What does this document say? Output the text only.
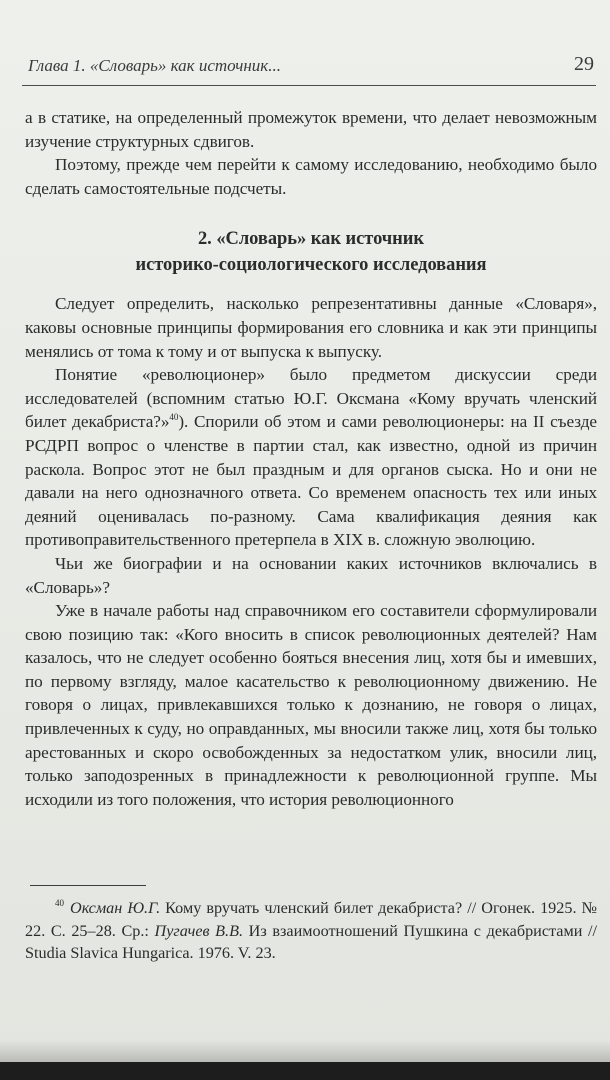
Глава 1. «Словарь» как источник...	29

а в статике, на определенный промежуток времени, что делает невозможным изучение структурных сдвигов.

Поэтому, прежде чем перейти к самому исследованию, необходимо было сделать самостоятельные подсчеты.

2. «Словарь» как источник
историко-социологического исследования

Следует определить, насколько репрезентативны данные «Словаря», каковы основные принципы формирования его словника и как эти принципы менялись от тома к тому и от выпуска к выпуску.

Понятие «революционер» было предметом дискуссии среди исследователей (вспомним статью Ю.Г. Оксмана «Кому вручать членский билет декабриста?»$^{40}$). Спорили об этом и сами революционеры: на II съезде РСДРП вопрос о членстве в партии стал, как известно, одной из причин раскола. Вопрос этот не был праздным и для органов сыска. Но и они не давали на него однозначного ответа. Со временем опасность тех или иных деяний оценивалась по-разному. Сама квалификация деяния как противоправительственного претерпела в XIX в. сложную эволюцию.

Чьи же биографии и на основании каких источников включались в «Словарь»?

Уже в начале работы над справочником его составители сформулировали свою позицию так: «Кого вносить в список революционных деятелей? Нам казалось, что не следует особенно бояться внесения лиц, хотя бы и имевших, по первому взгляду, малое касательство к революционному движению. Не говоря о лицах, привлекавшихся только к дознанию, не говоря о лицах, привлеченных к суду, но оправданных, мы вносили также лиц, хотя бы только арестованных и скоро освобожденных за недостатком улик, вносили лиц, только заподозренных в принадлежности к революционной группе. Мы исходили из того положения, что история революционного

$^{40}$ Оксман Ю.Г. Кому вручать членский билет декабриста? // Огонек. 1925. № 22. С. 25–28. Ср.: Пугачев В.В. Из взаимоотношений Пушкина с декабристами // Studia Slavica Hungarica. 1976. V. 23.
